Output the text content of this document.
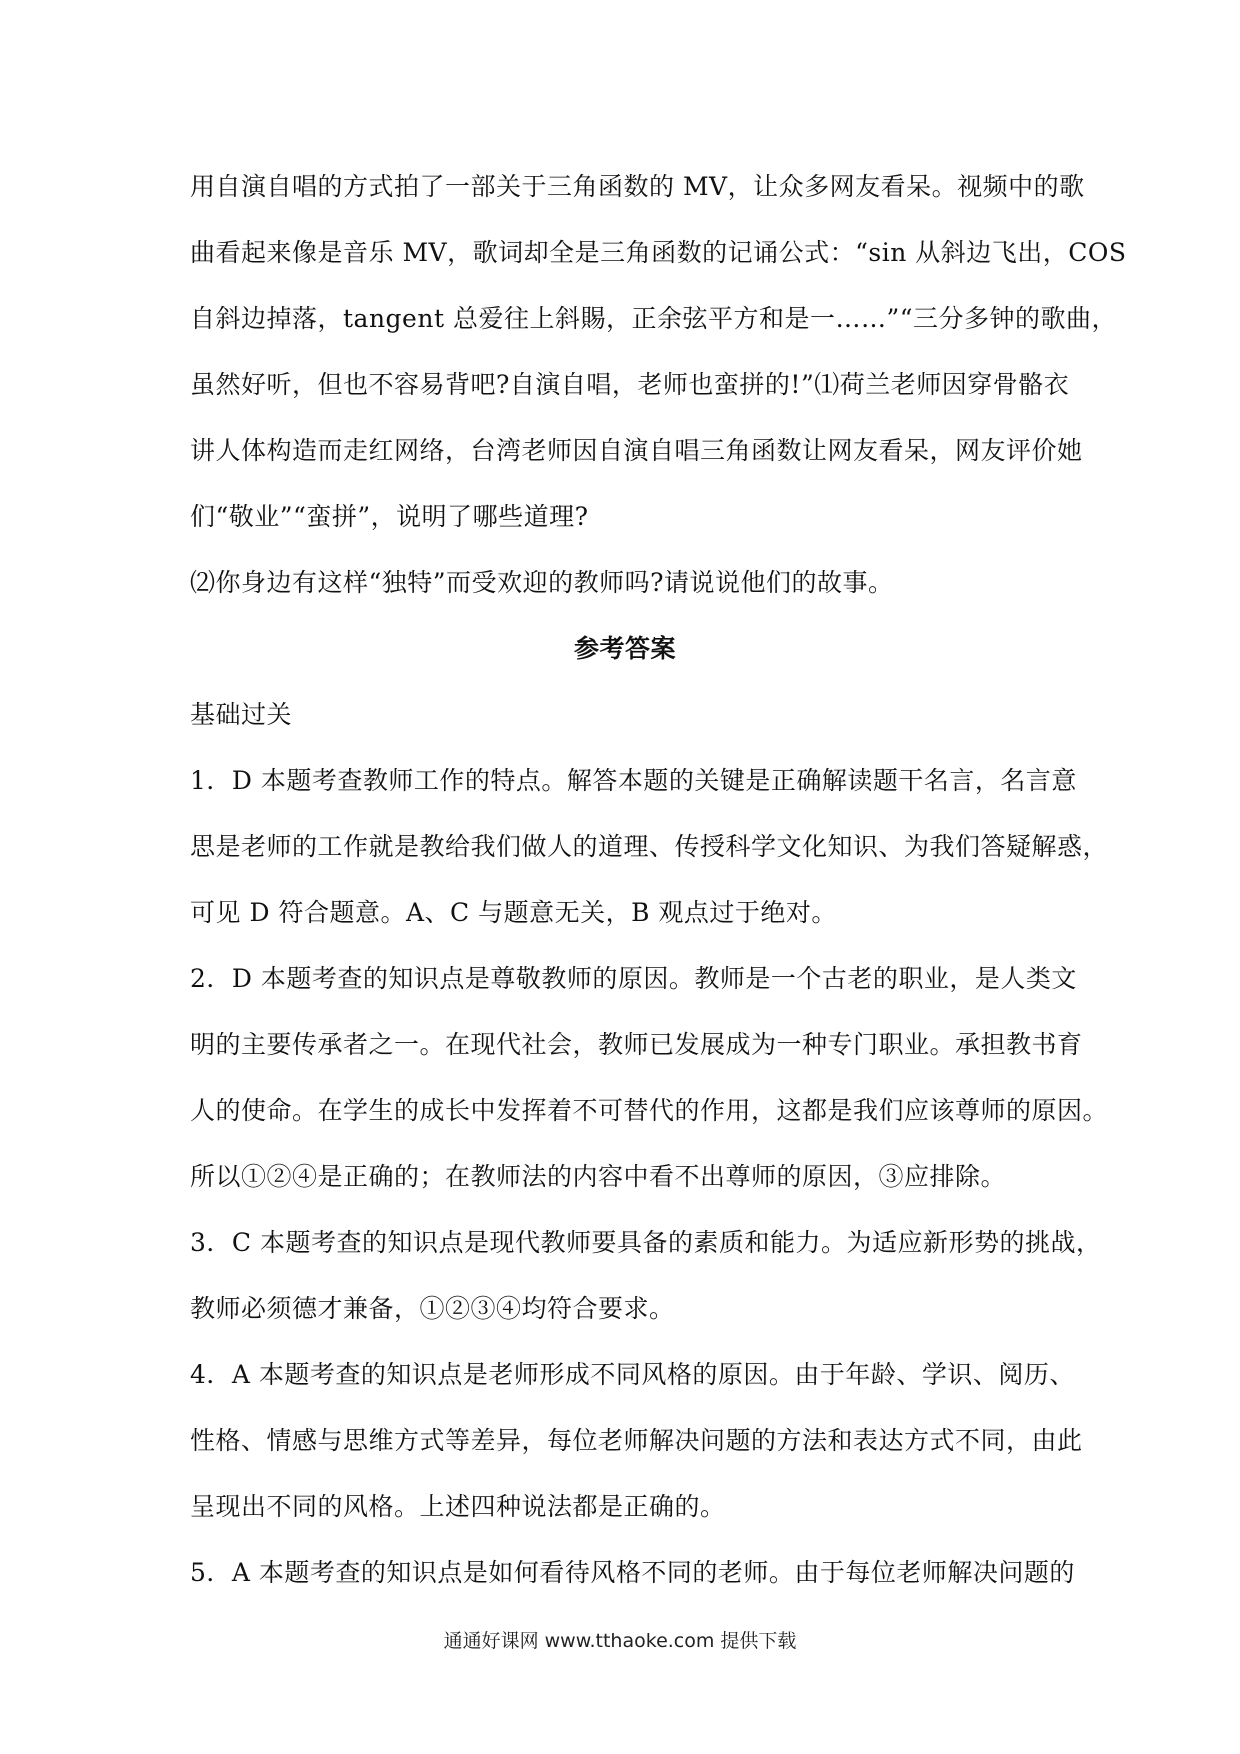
用自演自唱的方式拍了一部关于三角函数的 MV，让众多网友看呆。视频中的歌
曲看起来像是音乐 MV，歌词却全是三角函数的记诵公式：“sin 从斜边飞出，COS
自斜边掉落，tangent 总爱往上斜賜，正余弦平方和是一……”“三分多钟的歌曲，
虽然好听，但也不容易背吧?自演自唱，老师也蛮拼的!”⑴荷兰老师因穿骨骼衣
讲人体构造而走红网络，台湾老师因自演自唱三角函数让网友看呆，网友评价她
们“敬业”“蛮拼”，说明了哪些道理?
⑵你身边有这样“独特”而受欢迎的教师吗?请说说他们的故事。
参考答案
基础过关
1．D 本题考查教师工作的特点。解答本题的关键是正确解读题干名言，名言意
思是老师的工作就是教给我们做人的道理、传授科学文化知识、为我们答疑解惑，
可见 D 符合题意。A、C 与题意无关，B 观点过于绝对。
2．D 本题考查的知识点是尊敬教师的原因。教师是一个古老的职业，是人类文
明的主要传承者之一。在现代社会，教师已发展成为一种专门职业。承担教书育
人的使命。在学生的成长中发挥着不可替代的作用，这都是我们应该尊师的原因。
所以①②④是正确的；在教师法的内容中看不出尊师的原因，③应排除。
3．C 本题考查的知识点是现代教师要具备的素质和能力。为适应新形势的挑战，
教师必须德才兼备，①②③④均符合要求。
4．A 本题考查的知识点是老师形成不同风格的原因。由于年龄、学识、阅历、
性格、情感与思维方式等差异，每位老师解决问题的方法和表达方式不同，由此
呈现出不同的风格。上述四种说法都是正确的。
5．A 本题考查的知识点是如何看待风格不同的老师。由于每位老师解决问题的
通通好课网 www.tthaoke.com 提供下载
